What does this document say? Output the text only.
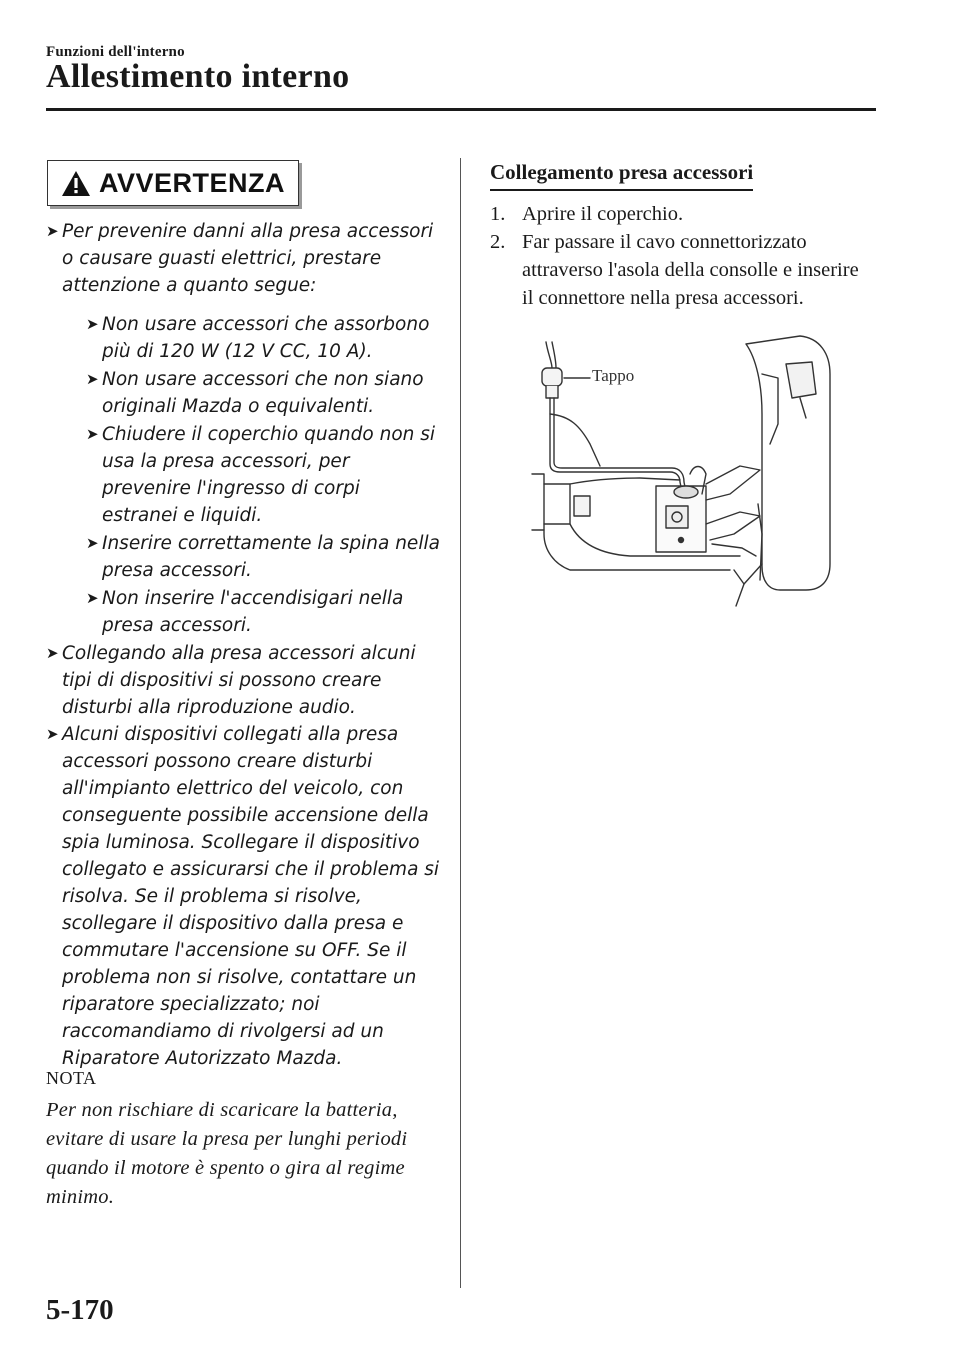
Funzioni dell'interno
Allestimento interno
AVVERTENZA
➤ Per prevenire danni alla presa accessori o causare guasti elettrici, prestare attenzione a quanto segue:
➤ Non usare accessori che assorbono più di 120 W (12 V CC, 10 A).
➤ Non usare accessori che non siano originali Mazda o equivalenti.
➤ Chiudere il coperchio quando non si usa la presa accessori, per prevenire l'ingresso di corpi estranei e liquidi.
➤ Inserire correttamente la spina nella presa accessori.
➤ Non inserire l'accendisigari nella presa accessori.
➤ Collegando alla presa accessori alcuni tipi di dispositivi si possono creare disturbi alla riproduzione audio.
➤ Alcuni dispositivi collegati alla presa accessori possono creare disturbi all'impianto elettrico del veicolo, con conseguente possibile accensione della spia luminosa. Scollegare il dispositivo collegato e assicurarsi che il problema si risolva. Se il problema si risolve, scollegare il dispositivo dalla presa e commutare l'accensione su OFF. Se il problema non si risolve, contattare un riparatore specializzato; noi raccomandiamo di rivolgersi ad un Riparatore Autorizzato Mazda.
NOTA
Per non rischiare di scaricare la batteria, evitare di usare la presa per lunghi periodi quando il motore è spento o gira al regime minimo.
Collegamento presa accessori
1. Aprire il coperchio.
2. Far passare il cavo connettorizzato attraverso l'asola della consolle e inserire il connettore nella presa accessori.
Tappo
5-170
